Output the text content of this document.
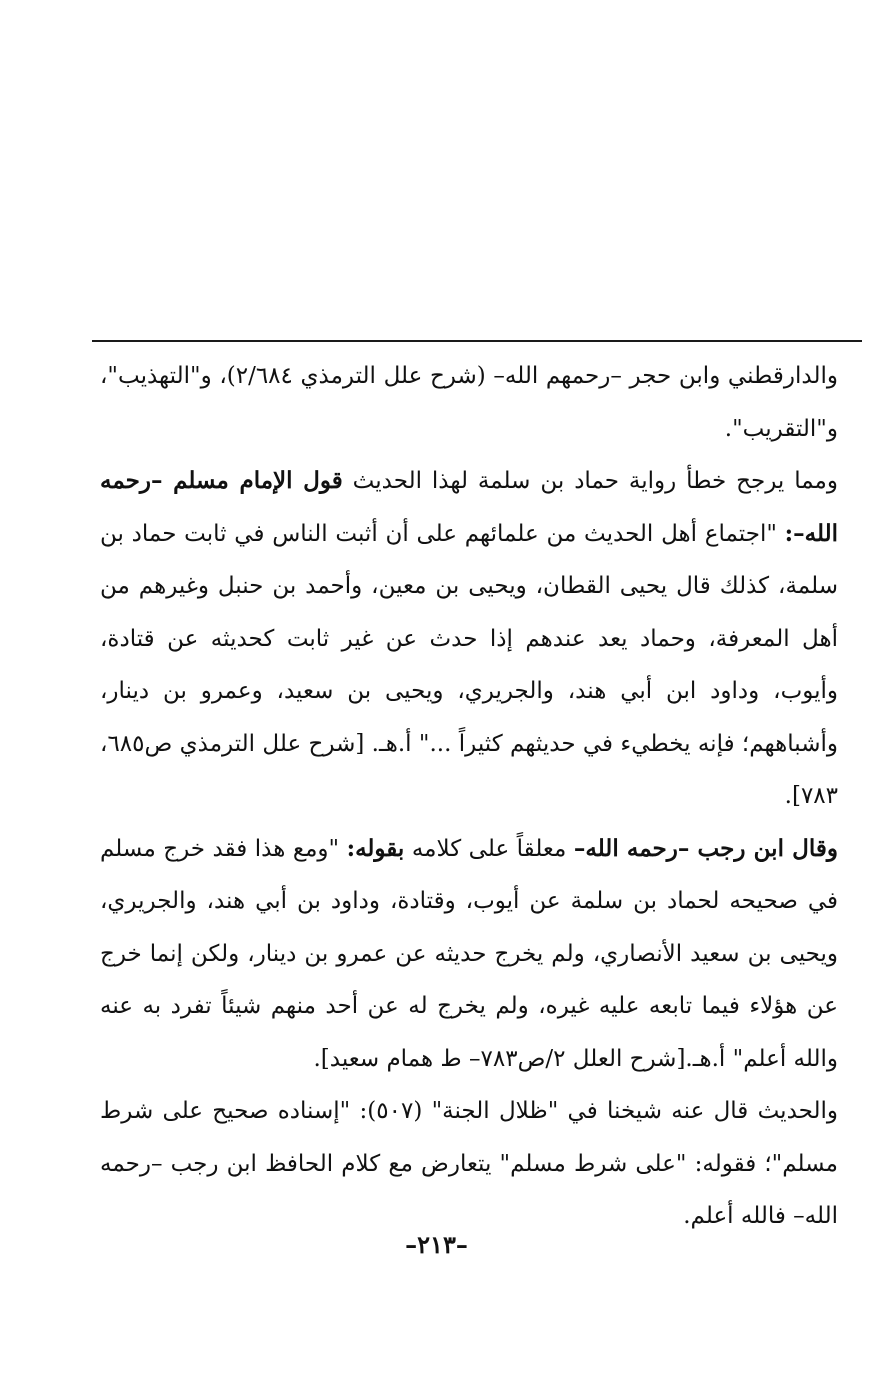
والدارقطني وابن حجر –رحمهم الله– (شرح علل الترمذي ٢/٦٨٤)، و"التهذيب"، و"التقريب".

ومما يرجح خطأ رواية حماد بن سلمة لهذا الحديث قول الإمام مسلم –رحمه الله–: "اجتماع أهل الحديث من علمائهم على أن أثبت الناس في ثابت حماد بن سلمة، كذلك قال يحيى القطان، ويحيى بن معين، وأحمد بن حنبل وغيرهم من أهل المعرفة، وحماد يعد عندهم إذا حدث عن غير ثابت كحديثه عن قتادة، وأيوب، وداود ابن أبي هند، والجريري، ويحيى بن سعيد، وعمرو بن دينار، وأشباههم؛ فإنه يخطيء في حديثهم كثيراً ..." أ.هـ. [شرح علل الترمذي ص٦٨٥، ٧٨٣].

وقال ابن رجب –رحمه الله– معلقاً على كلامه بقوله: "ومع هذا فقد خرج مسلم في صحيحه لحماد بن سلمة عن أيوب، وقتادة، وداود بن أبي هند، والجريري، ويحيى بن سعيد الأنصاري، ولم يخرج حديثه عن عمرو بن دينار، ولكن إنما خرج عن هؤلاء فيما تابعه عليه غيره، ولم يخرج له عن أحد منهم شيئاً تفرد به عنه والله أعلم" أ.هـ.[شرح العلل ٢/ص٧٨٣– ط همام سعيد].

والحديث قال عنه شيخنا في "ظلال الجنة" (٥٠٧): "إسناده صحيح على شرط مسلم"؛ فقوله: "على شرط مسلم" يتعارض مع كلام الحافظ ابن رجب –رحمه الله– فالله أعلم.

–٢١٣–
